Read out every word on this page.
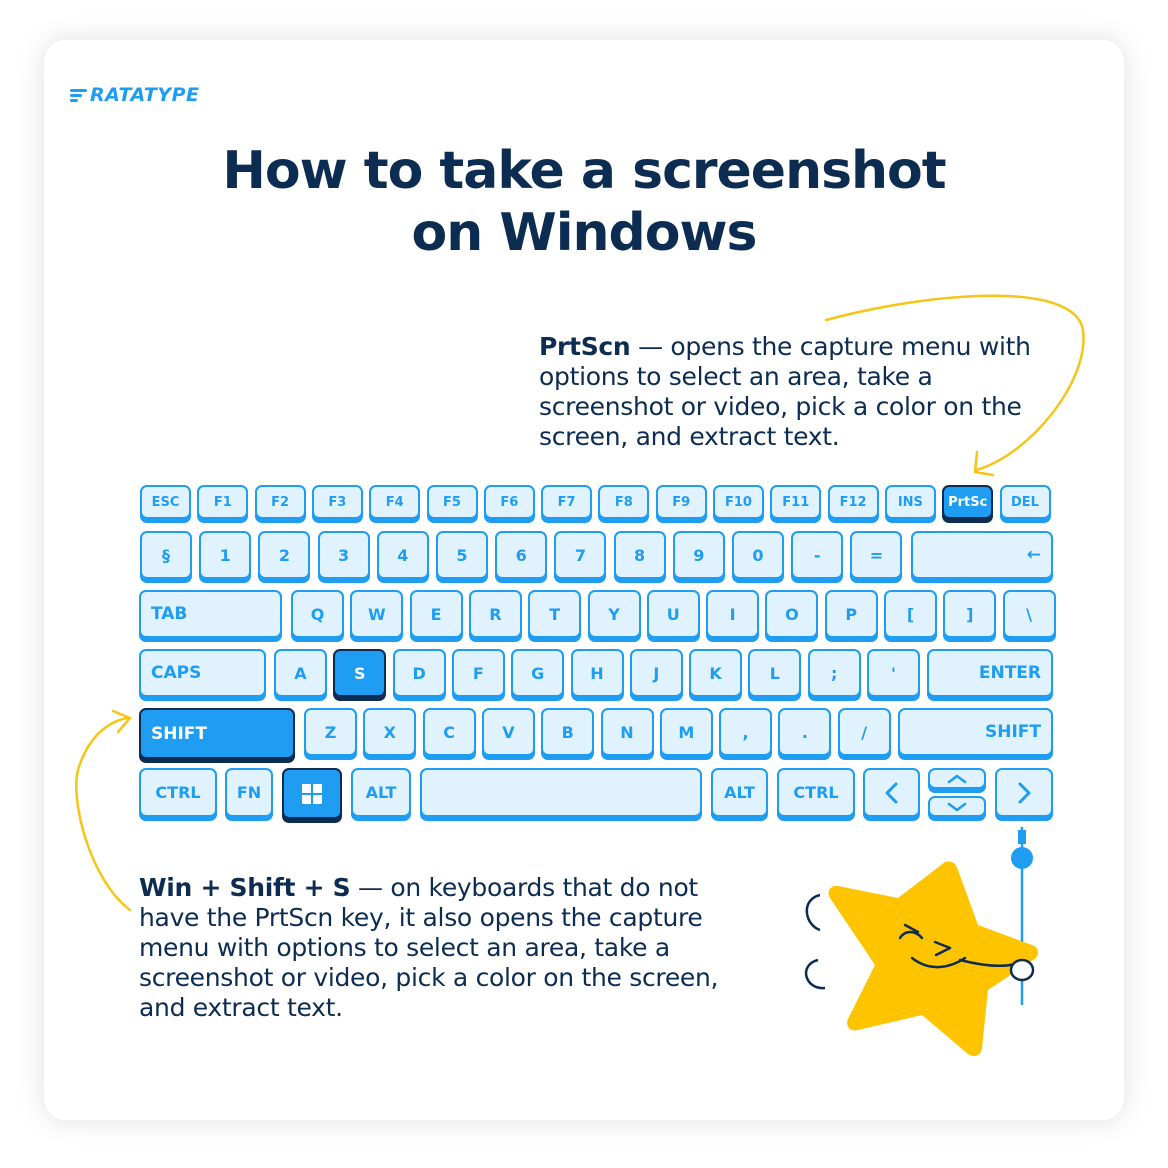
RATATYPE
How to take a screenshot
on Windows
PrtScn — opens the capture menu with options to select an area, take a screenshot or video, pick a color on the screen, and extract text.
Win + Shift + S — on keyboards that do not have the PrtScn key, it also opens the capture menu with options to select an area, take a screenshot or video, pick a color on the screen, and extract text.
ESC	F1	F2	F3	F4	F5	F6	F7	F8	F9	F10	F11	F12	INS	PrtSc	DEL
§	1	2	3	4	5	6	7	8	9	0	-	=	←
TAB	Q	W	E	R	T	Y	U	I	O	P	[	]	\
CAPS	A	S	D	F	G	H	J	K	L	;	'	ENTER
SHIFT	Z	X	C	V	B	N	M	,	.	/	SHIFT
CTRL	FN	ALT	ALT	CTRL
